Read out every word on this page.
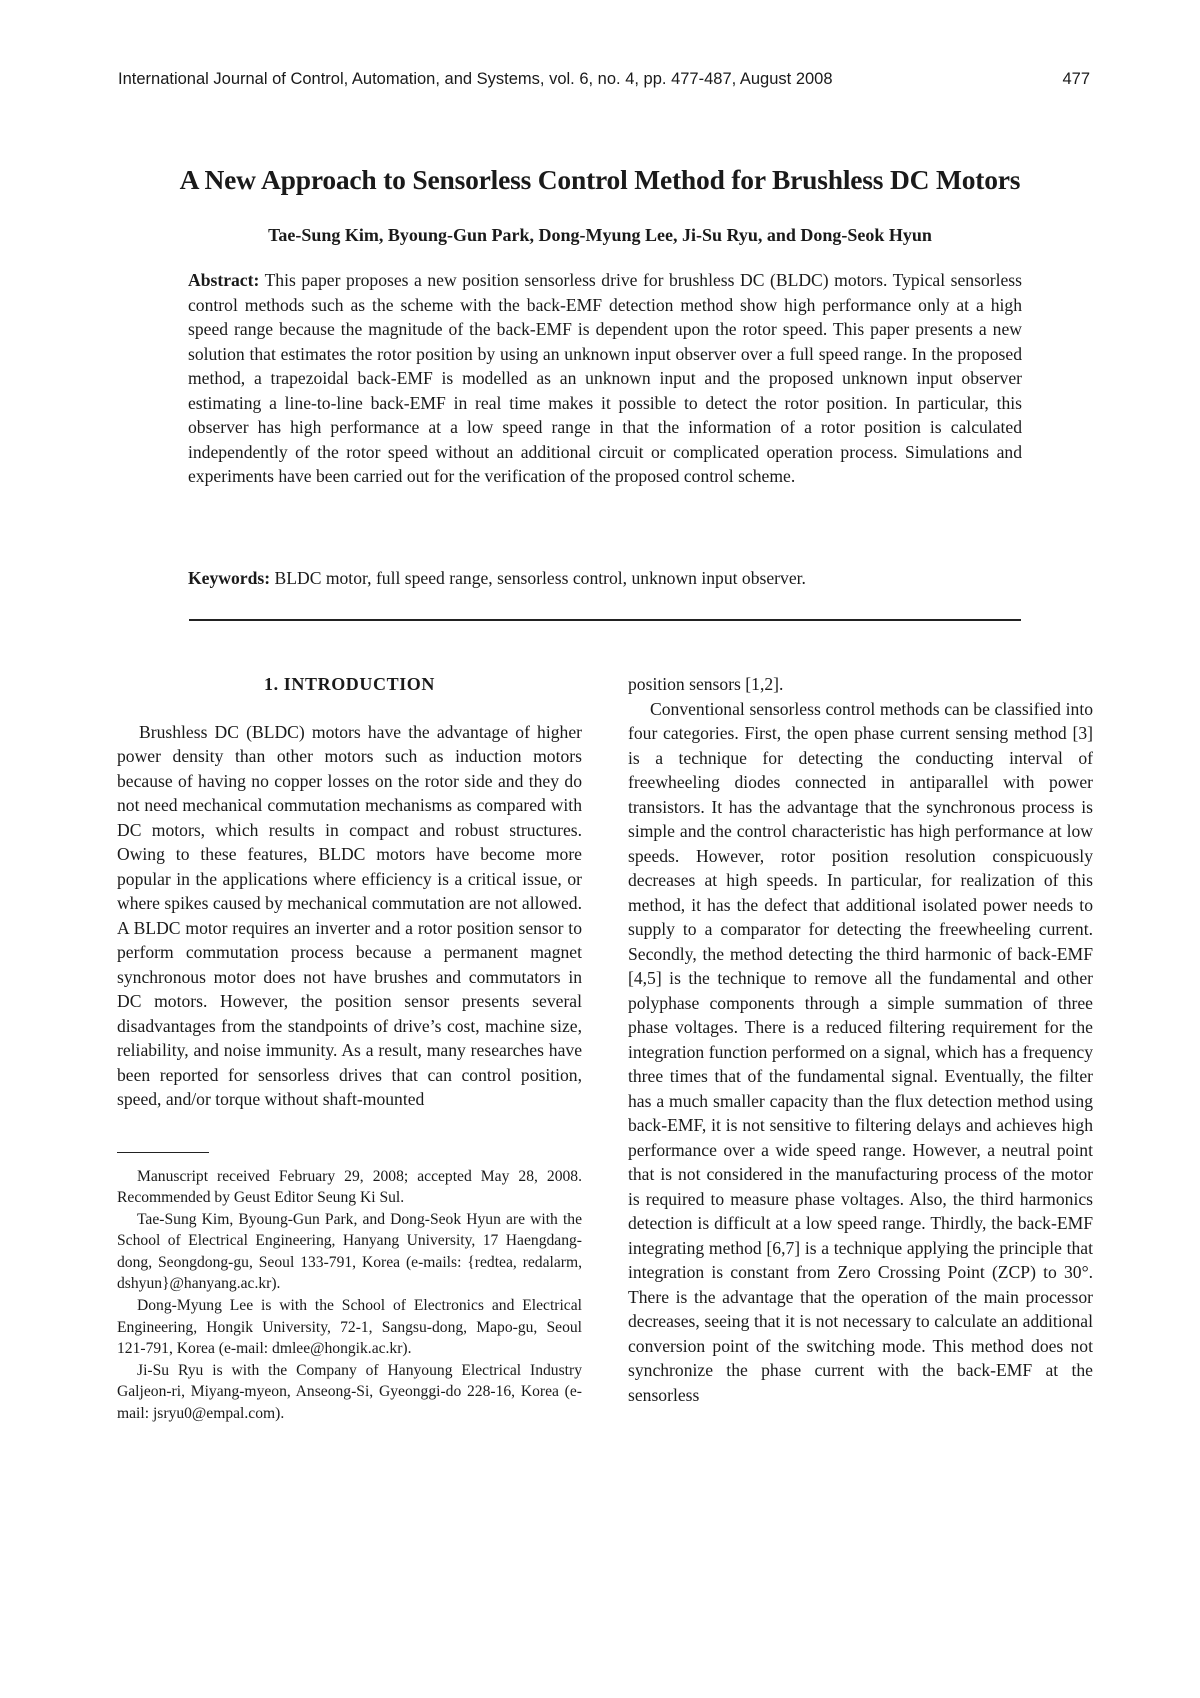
International Journal of Control, Automation, and Systems, vol. 6, no. 4, pp. 477-487, August 2008	477
A New Approach to Sensorless Control Method for Brushless DC Motors
Tae-Sung Kim, Byoung-Gun Park, Dong-Myung Lee, Ji-Su Ryu, and Dong-Seok Hyun

Abstract: This paper proposes a new position sensorless drive for brushless DC (BLDC) motors. Typical sensorless control methods such as the scheme with the back-EMF detection method show high performance only at a high speed range because the magnitude of the back-EMF is dependent upon the rotor speed. This paper presents a new solution that estimates the rotor position by using an unknown input observer over a full speed range. In the proposed method, a trapezoidal back-EMF is modelled as an unknown input and the proposed unknown input observer estimating a line-to-line back-EMF in real time makes it possible to detect the rotor position. In particular, this observer has high performance at a low speed range in that the information of a rotor position is calculated independently of the rotor speed without an additional circuit or complicated operation process. Simulations and experiments have been carried out for the verification of the proposed control scheme.

Keywords: BLDC motor, full speed range, sensorless control, unknown input observer.

1. INTRODUCTION

Brushless DC (BLDC) motors have the advantage of higher power density than other motors such as induction motors because of having no copper losses on the rotor side and they do not need mechanical commutation mechanisms as compared with DC motors, which results in compact and robust structures. Owing to these features, BLDC motors have become more popular in the applications where efficiency is a critical issue, or where spikes caused by mechanical commutation are not allowed. A BLDC motor requires an inverter and a rotor position sensor to perform commutation process because a permanent magnet synchronous motor does not have brushes and commutators in DC motors. However, the position sensor presents several disadvantages from the standpoints of drive’s cost, machine size, reliability, and noise immunity. As a result, many researches have been reported for sensorless drives that can control position, speed, and/or torque without shaft-mounted

Manuscript received February 29, 2008; accepted May 28, 2008. Recommended by Geust Editor Seung Ki Sul.

Tae-Sung Kim, Byoung-Gun Park, and Dong-Seok Hyun are with the School of Electrical Engineering, Hanyang University, 17 Haengdang-dong, Seongdong-gu, Seoul 133-791, Korea (e-mails: {redtea, redalarm, dshyun}@hanyang.ac.kr).

Dong-Myung Lee is with the School of Electronics and Electrical Engineering, Hongik University, 72-1, Sangsu-dong, Mapo-gu, Seoul 121-791, Korea (e-mail: dmlee@hongik.ac.kr).

Ji-Su Ryu is with the Company of Hanyoung Electrical Industry Galjeon-ri, Miyang-myeon, Anseong-Si, Gyeonggi-do 228-16, Korea (e-mail: jsryu0@empal.com).

position sensors [1,2].

Conventional sensorless control methods can be classified into four categories. First, the open phase current sensing method [3] is a technique for detecting the conducting interval of freewheeling diodes connected in antiparallel with power transistors. It has the advantage that the synchronous process is simple and the control characteristic has high performance at low speeds. However, rotor position resolution conspicuously decreases at high speeds. In particular, for realization of this method, it has the defect that additional isolated power needs to supply to a comparator for detecting the freewheeling current. Secondly, the method detecting the third harmonic of back-EMF [4,5] is the technique to remove all the fundamental and other polyphase components through a simple summation of three phase voltages. There is a reduced filtering requirement for the integration function performed on a signal, which has a frequency three times that of the fundamental signal. Eventually, the filter has a much smaller capacity than the flux detection method using back-EMF, it is not sensitive to filtering delays and achieves high performance over a wide speed range. However, a neutral point that is not considered in the manufacturing process of the motor is required to measure phase voltages. Also, the third harmonics detection is difficult at a low speed range. Thirdly, the back-EMF integrating method [6,7] is a technique applying the principle that integration is constant from Zero Crossing Point (ZCP) to 30°. There is the advantage that the operation of the main processor decreases, seeing that it is not necessary to calculate an additional conversion point of the switching mode. This method does not synchronize the phase current with the back-EMF at the sensorless
